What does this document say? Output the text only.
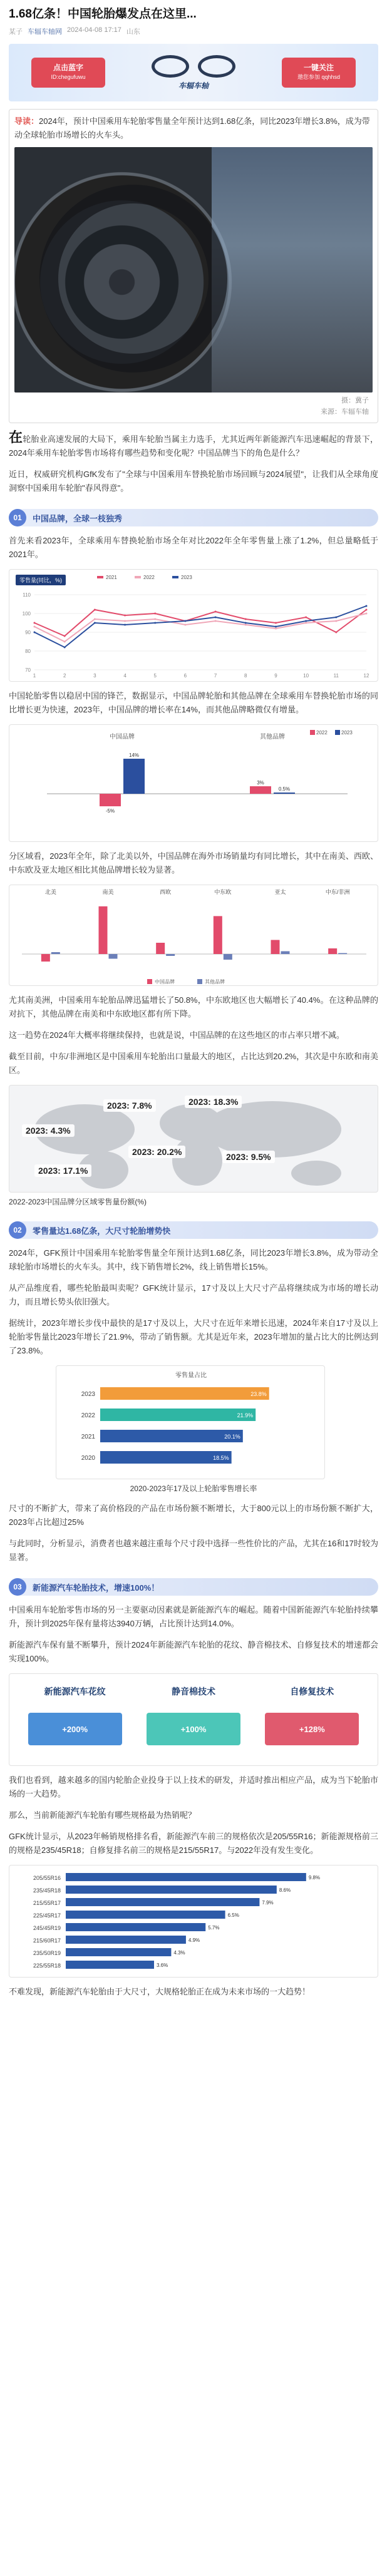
1.68亿条！中国轮胎爆发点在这里...
某子 车辐车轴网 2024-04-08 17:17 山东
点击蓝字
ID:chegufuwu
车辐车轴
一键关注
邀您参加 qqhhsd
导读：2024年，预计中国乘用车轮胎零售量全年预计达到1.68亿条，同比2023年增长3.8%，成为带动全球轮胎市场增长的火车头。
摄：冀子
来源：车辐车轴

在轮胎业高速发展的大局下，乘用车轮胎当属主力选手，尤其近两年新能源汽车迅速崛起的背景下，2024年乘用车轮胎零售市场将有哪些趋势和变化呢？中国品牌当下的角色是什么？

近日，权威研究机构GfK发布了"全球与中国乘用车替换轮胎市场回顾与2024展望"，让我们从全球角度洞察中国乘用车轮胎"春风得意"。

01	中国品牌，全球一枝独秀

首先来看2023年，全球乘用车替换轮胎市场全年对比2022年全年零售量上涨了1.2%，但总量略低于2021年。

零售量(同比，%)
70
80
90
100
110
1	2	3	4	5	6	7	8	9	10	11	12
2021	2022	2023

中国轮胎零售以稳居中国的锋芒，数据显示，中国品牌轮胎和其他品牌在全球乘用车替换轮胎市场的同比增长更为快速，2023年，中国品牌的增长率在14%，而其他品牌略微仅有增量。

中国品牌
-5%
14%
其他品牌
3%
0.5%
2022	2023

分区域看，2023年全年，除了北美以外，中国品牌在海外市场销量均有同比增长，其中在南美、西欧、中东欧及亚太地区相比其他品牌增长较为显著。

北美	南美	西欧	中东欧	亚太	中东/非洲
中国品牌	其他品牌

尤其南美洲，中国乘用车轮胎品牌迅猛增长了50.8%，中东欧地区也大幅增长了40.4%。在这种品牌的对抗下，其他品牌在南美和中东欧地区都有所下降。

这一趋势在2024年大概率将继续保持，也就是说，中国品牌的在这些地区的市占率只增不减。

截至目前，中东/非洲地区是中国乘用车轮胎出口量最大的地区，占比达到20.2%，其次是中东欧和南美区。

2023: 7.8%	2023: 18.3%
2023: 4.3%
2023: 20.2%	2023: 9.5%
2023: 17.1%
2022-2023中国品牌分区域零售量份额(%)
02	零售量达1.68亿条，大尺寸轮胎增势快

2024年，GFK预计中国乘用车轮胎零售量全年预计达到1.68亿条，同比2023年增长3.8%，成为带动全球轮胎市场增长的火车头。其中，线下销售增长2%，线上销售增长15%。

从产品维度看，哪些轮胎最叫卖呢？GFK统计显示，17寸及以上大尺寸产品将继续成为市场的增长动力，而且增长势头依旧强大。

据统计，2023年增长步伐中最快的是17寸及以上，大尺寸在近年来增长迅速，2024年来自17寸及以上轮胎零售量比2023年增长了21.9%，带动了销售额。尤其是近年来，2023年增加的量占比大的比例达到了23.8%。

零售量占比
2023	23.8%
2022	21.9%
2021	20.1%
2020	18.5%
2020-2023年17及以上轮胎零售增长率

尺寸的不断扩大，带来了高价格段的产品在市场份额不断增长，大于800元以上的市场份额不断扩大，2023年占比超过25%

与此同时，分析显示，消费者也越来越注重每个尺寸段中选择一些性价比的产品，尤其在16和17时较为显著。

03	新能源汽车轮胎技术，增速100%！

中国乘用车轮胎零售市场的另一主要驱动因素就是新能源汽车的崛起。随着中国新能源汽车轮胎持续攀升，预计到2025年保有量将达3940万辆，占比预计达到14.0%。

新能源汽车保有量不断攀升，预计2024年新能源汽车轮胎的花纹、静音棉技术、自修复技术的增速都会实现100%。

新能源汽车花纹
+200%
静音棉技术
+100%
自修复技术
+128%

我们也看到，越来越多的国内轮胎企业投身于以上技术的研发，并适时推出相应产品，成为当下轮胎市场的一大趋势。

那么，当前新能源汽车轮胎有哪些规格最为热销呢？

GFK统计显示，从2023年畅销规格排名看，新能源汽车前三的规格依次是205/55R16；新能源规格前三的规格是235/45R18；自修复排名前三的规格是215/55R17。与2022年没有发生变化。

205/55R16	9.8%
235/45R18	8.6%
215/55R17	7.9%
225/45R17	6.5%
245/45R19	5.7%
215/60R17	4.9%
235/50R19	4.3%
225/55R18	3.6%

不难发现，新能源汽车轮胎由于大尺寸，大规格轮胎正在成为未来市场的一大趋势！
